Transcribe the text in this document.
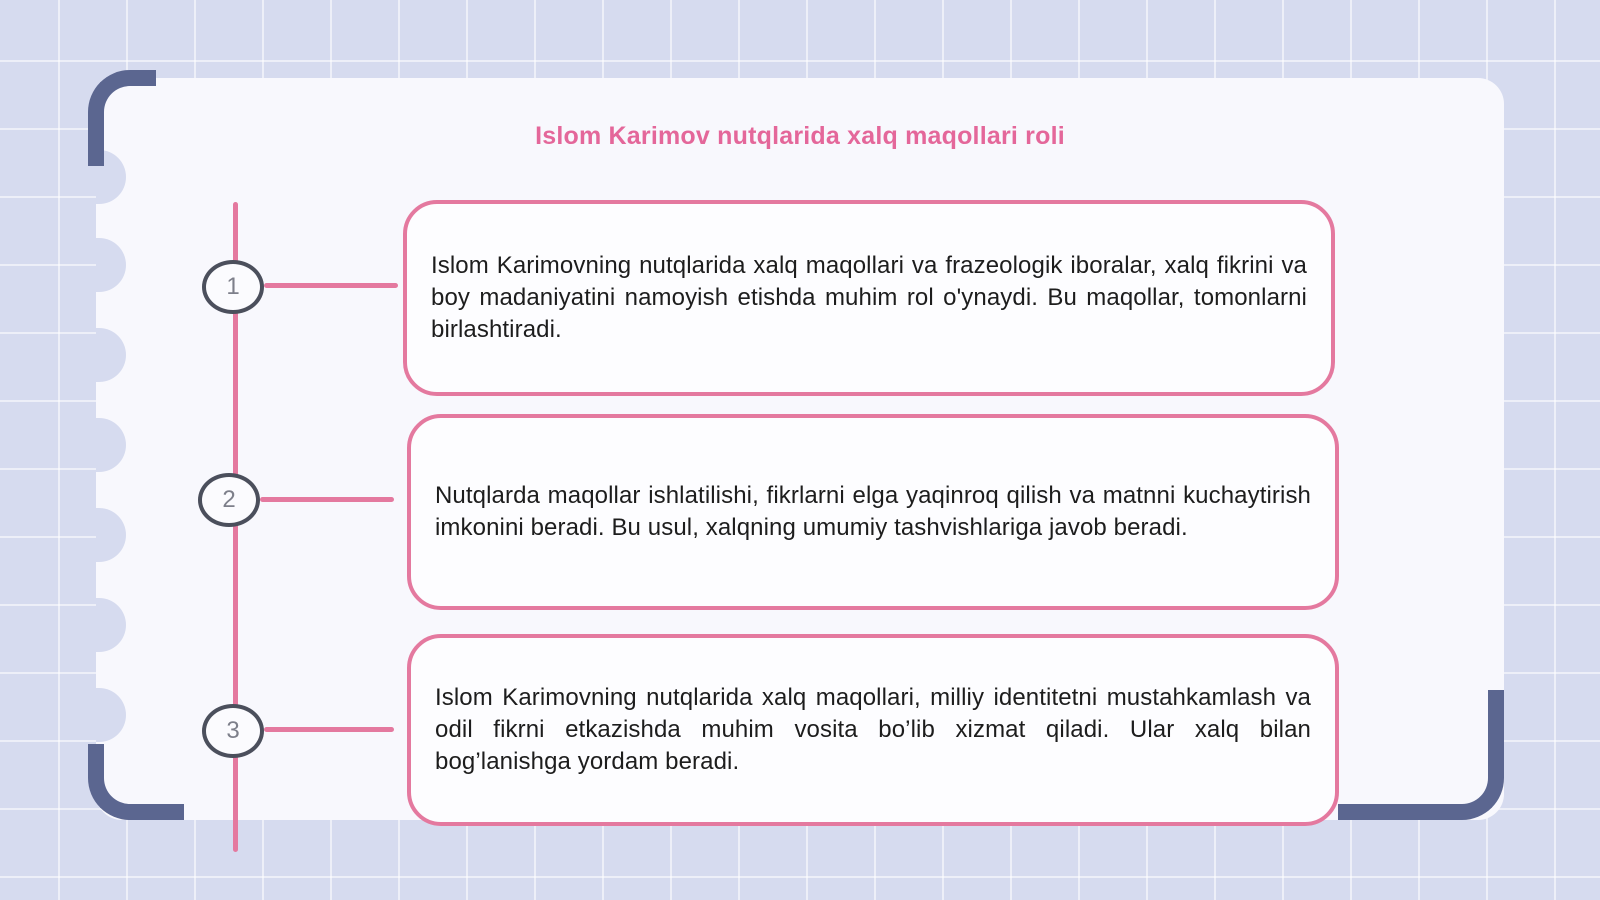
Islom Karimov nutqlarida xalq maqollari roli
1

Islom Karimovning nutqlarida xalq maqollari va frazeologik iboralar, xalq fikrini va boy madaniyatini namoyish etishda muhim rol o'ynaydi. Bu maqollar, tomonlarni birlashtiradi.

2	Nutqlarda maqollar ishlatilishi, fikrlarni elga yaqinroq qilish va matnni kuchaytirish imkonini beradi. Bu usul, xalqning umumiy tashvishlariga javob beradi.

3

Islom Karimovning nutqlarida xalq maqollari, milliy identitetni mustahkamlash va odil fikrni etkazishda muhim vosita bo’lib xizmat qiladi. Ular xalq bilan bog’lanishga yordam beradi.
